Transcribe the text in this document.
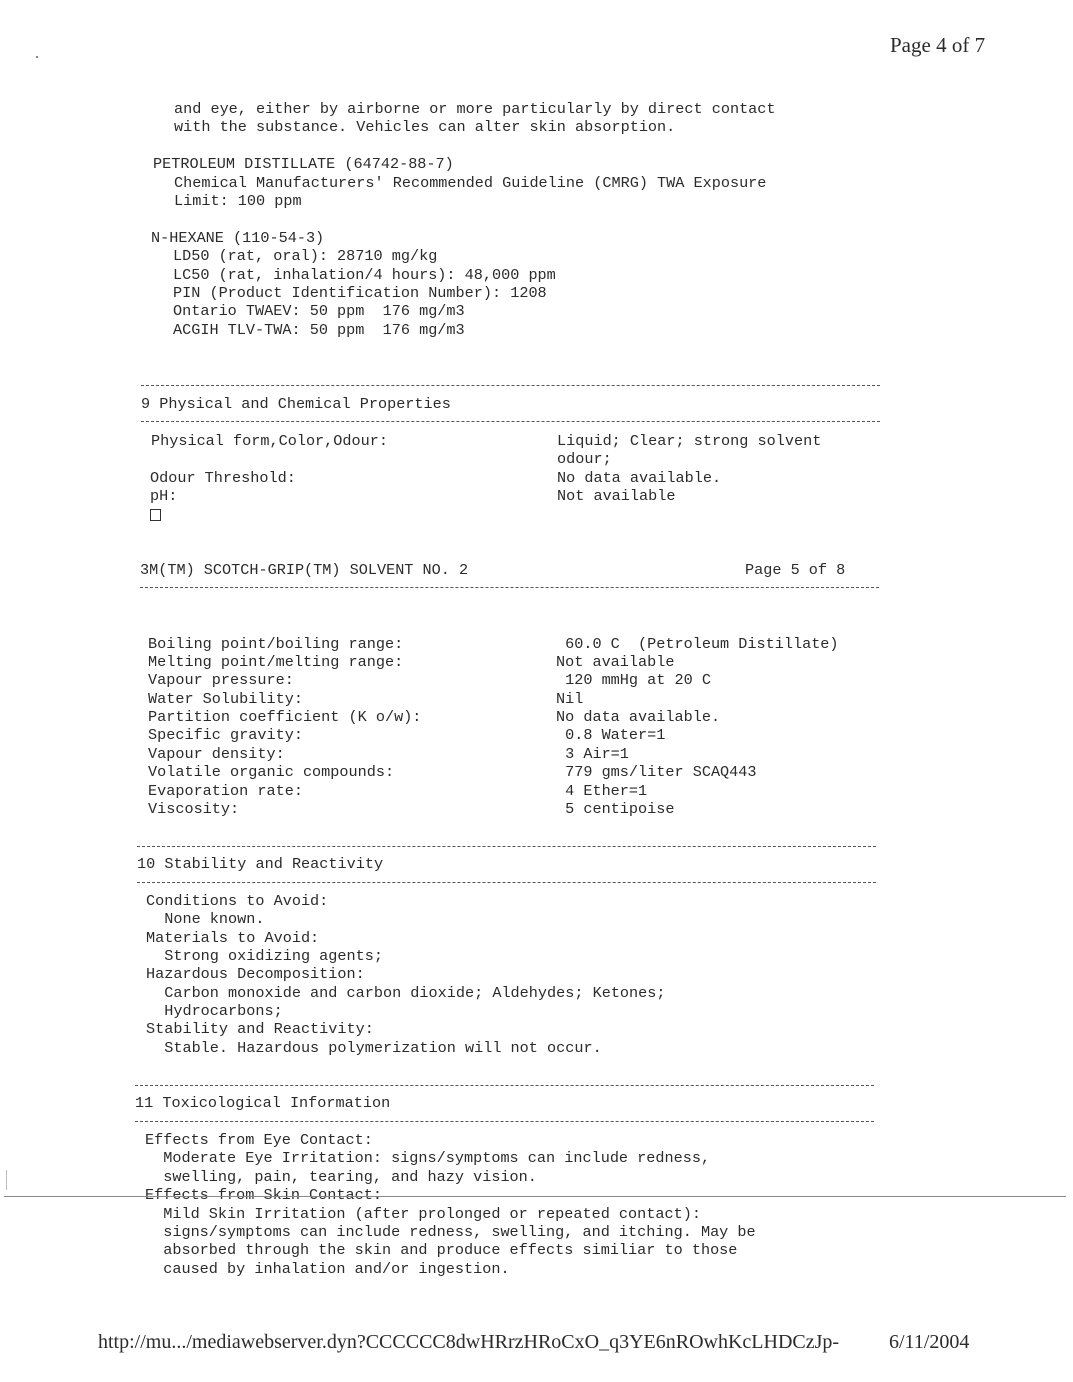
Page 4 of 7
and eye, either by airborne or more particularly by direct contact
with the substance. Vehicles can alter skin absorption.
PETROLEUM DISTILLATE (64742-88-7)
Chemical Manufacturers' Recommended Guideline (CMRG) TWA Exposure
Limit: 100 ppm
N-HEXANE (110-54-3)
LD50 (rat, oral): 28710 mg/kg
LC50 (rat, inhalation/4 hours): 48,000 ppm
PIN (Product Identification Number): 1208
Ontario TWAEV: 50 ppm  176 mg/m3
ACGIH TLV-TWA: 50 ppm  176 mg/m3
9 Physical and Chemical Properties
Physical form,Color,Odour:	Liquid; Clear; strong solvent
odour;
Odour Threshold:	No data available.
pH:	Not available
3M(TM) SCOTCH-GRIP(TM) SOLVENT NO. 2	Page 5 of 8
Boiling point/boiling range:	60.0 C  (Petroleum Distillate)
Melting point/melting range:	Not available
Vapour pressure:	120 mmHg at 20 C
Water Solubility:	Nil
Partition coefficient (K o/w):	No data available.
Specific gravity:	0.8 Water=1
Vapour density:	3 Air=1
Volatile organic compounds:	779 gms/liter SCAQ443
Evaporation rate:	4 Ether=1
Viscosity:	5 centipoise
10 Stability and Reactivity
Conditions to Avoid:
None known.
Materials to Avoid:
Strong oxidizing agents;
Hazardous Decomposition:
Carbon monoxide and carbon dioxide; Aldehydes; Ketones;
Hydrocarbons;
Stability and Reactivity:
Stable. Hazardous polymerization will not occur.
11 Toxicological Information
Effects from Eye Contact:
Moderate Eye Irritation: signs/symptoms can include redness,
swelling, pain, tearing, and hazy vision.
Effects from Skin Contact:
Mild Skin Irritation (after prolonged or repeated contact):
signs/symptoms can include redness, swelling, and itching. May be
absorbed through the skin and produce effects similiar to those
caused by inhalation and/or ingestion.
http://mu.../mediawebserver.dyn?CCCCCC8dwHRrzHRoCxO_q3YE6nROwhKcLHDCzJp- 6/11/2004
